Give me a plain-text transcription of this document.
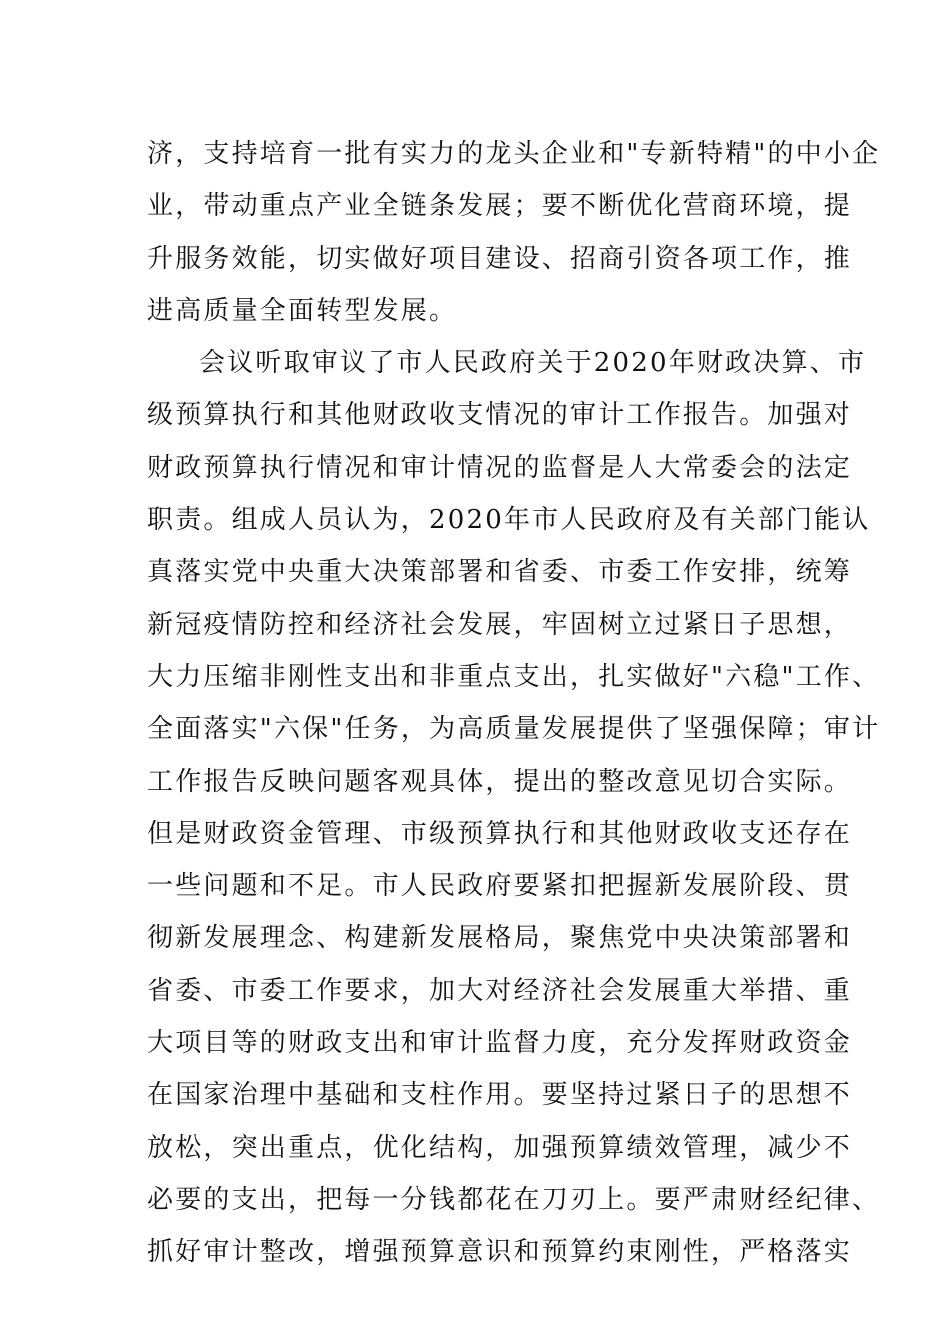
济，支持培育一批有实力的龙头企业和"专新特精"的中小企
业，带动重点产业全链条发展；要不断优化营商环境，提
升服务效能，切实做好项目建设、招商引资各项工作，推
进高质量全面转型发展。
会议听取审议了市人民政府关于2020年财政决算、市
级预算执行和其他财政收支情况的审计工作报告。加强对
财政预算执行情况和审计情况的监督是人大常委会的法定
职责。组成人员认为，2020年市人民政府及有关部门能认
真落实党中央重大决策部署和省委、市委工作安排，统筹
新冠疫情防控和经济社会发展，牢固树立过紧日子思想，
大力压缩非刚性支出和非重点支出，扎实做好"六稳"工作、
全面落实"六保"任务，为高质量发展提供了坚强保障；审计
工作报告反映问题客观具体，提出的整改意见切合实际。
但是财政资金管理、市级预算执行和其他财政收支还存在
一些问题和不足。市人民政府要紧扣把握新发展阶段、贯
彻新发展理念、构建新发展格局，聚焦党中央决策部署和
省委、市委工作要求，加大对经济社会发展重大举措、重
大项目等的财政支出和审计监督力度，充分发挥财政资金
在国家治理中基础和支柱作用。要坚持过紧日子的思想不
放松，突出重点，优化结构，加强预算绩效管理，减少不
必要的支出，把每一分钱都花在刀刃上。要严肃财经纪律、
抓好审计整改，增强预算意识和预算约束刚性，严格落实
